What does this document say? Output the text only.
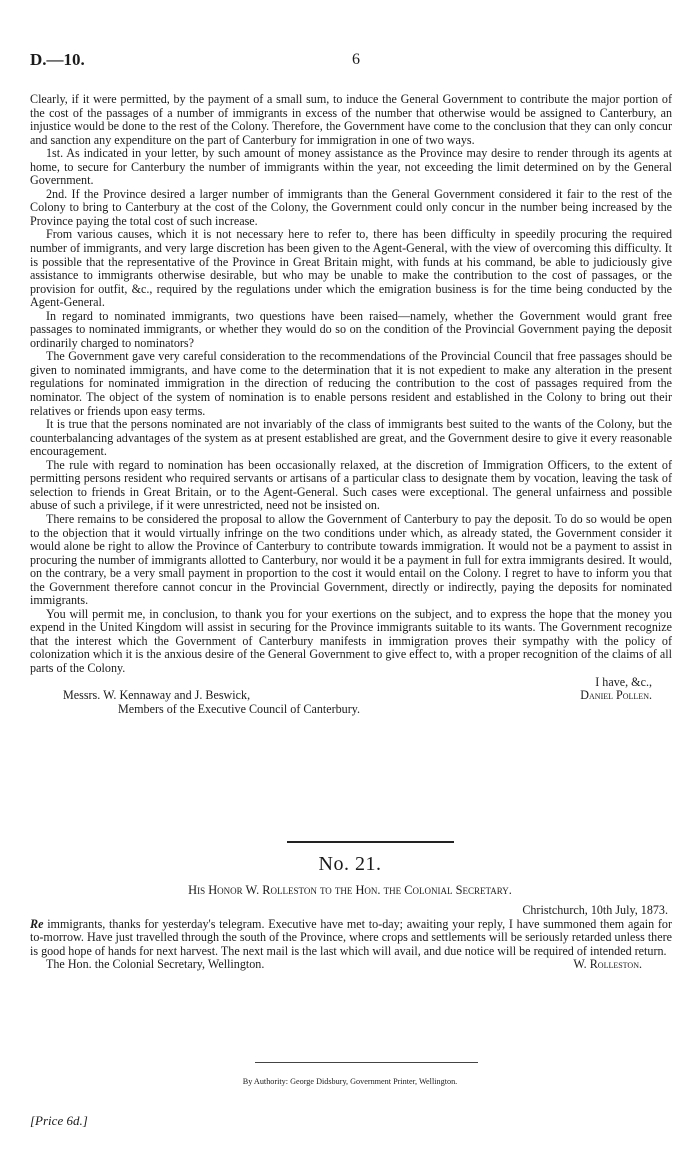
D.—10.	6

Clearly, if it were permitted, by the payment of a small sum, to induce the General Government to contribute the major portion of the cost of the passages of a number of immigrants in excess of the number that otherwise would be assigned to Canterbury, an injustice would be done to the rest of the Colony. Therefore, the Government have come to the conclusion that they can only concur and sanction any expenditure on the part of Canterbury for immigration in one of two ways.

1st. As indicated in your letter, by such amount of money assistance as the Province may desire to render through its agents at home, to secure for Canterbury the number of immigrants within the year, not exceeding the limit determined on by the General Government.

2nd. If the Province desired a larger number of immigrants than the General Government considered it fair to the rest of the Colony to bring to Canterbury at the cost of the Colony, the Government could only concur in the number being increased by the Province paying the total cost of such increase.

From various causes, which it is not necessary here to refer to, there has been difficulty in speedily procuring the required number of immigrants, and very large discretion has been given to the Agent-General, with the view of overcoming this difficulty. It is possible that the representative of the Province in Great Britain might, with funds at his command, be able to judiciously give assistance to immigrants otherwise desirable, but who may be unable to make the contribution to the cost of passages, or the provision for outfit, &c., required by the regulations under which the emigration business is for the time being conducted by the Agent-General.

In regard to nominated immigrants, two questions have been raised—namely, whether the Government would grant free passages to nominated immigrants, or whether they would do so on the condition of the Provincial Government paying the deposit ordinarily charged to nominators?

The Government gave very careful consideration to the recommendations of the Provincial Council that free passages should be given to nominated immigrants, and have come to the determination that it is not expedient to make any alteration in the present regulations for nominated immigration in the direction of reducing the contribution to the cost of passages required from the nominator. The object of the system of nomination is to enable persons resident and established in the Colony to bring out their relatives or friends upon easy terms.

It is true that the persons nominated are not invariably of the class of immigrants best suited to the wants of the Colony, but the counterbalancing advantages of the system as at present established are great, and the Government desire to give it every reasonable encouragement.

The rule with regard to nomination has been occasionally relaxed, at the discretion of Immigration Officers, to the extent of permitting persons resident who required servants or artisans of a particular class to designate them by vocation, leaving the task of selection to friends in Great Britain, or to the Agent-General. Such cases were exceptional. The general unfairness and possible abuse of such a privilege, if it were unrestricted, need not be insisted on.

There remains to be considered the proposal to allow the Government of Canterbury to pay the deposit. To do so would be open to the objection that it would virtually infringe on the two conditions under which, as already stated, the Government consider it would alone be right to allow the Province of Canterbury to contribute towards immigration. It would not be a payment to assist in procuring the number of immigrants allotted to Canterbury, nor would it be a payment in full for extra immigrants desired. It would, on the contrary, be a very small payment in proportion to the cost it would entail on the Colony. I regret to have to inform you that the Government therefore cannot concur in the Provincial Government, directly or indirectly, paying the deposits for nominated immigrants.

You will permit me, in conclusion, to thank you for your exertions on the subject, and to express the hope that the money you expend in the United Kingdom will assist in securing for the Province immigrants suitable to its wants. The Government recognize that the interest which the Government of Canterbury manifests in immigration proves their sympathy with the policy of colonization which it is the anxious desire of the General Government to give effect to, with a proper recognition of the claims of all parts of the Colony.

I have, &c.,
Messrs. W. Kennaway and J. Beswick,	Daniel Pollen.
Members of the Executive Council of Canterbury.
No. 21.
His Honor W. Rolleston to the Hon. the Colonial Secretary.
Christchurch, 10th July, 1873.

Re immigrants, thanks for yesterday's telegram. Executive have met to-day; awaiting your reply, I have summoned them again for to-morrow. Have just travelled through the south of the Province, where crops and settlements will be seriously retarded unless there is good hope of hands for next harvest. The next mail is the last which will avail, and due notice will be required of intended return.

The Hon. the Colonial Secretary, Wellington.	W. Rolleston.
By Authority: George Didsbury, Government Printer, Wellington.
[Price 6d.]
